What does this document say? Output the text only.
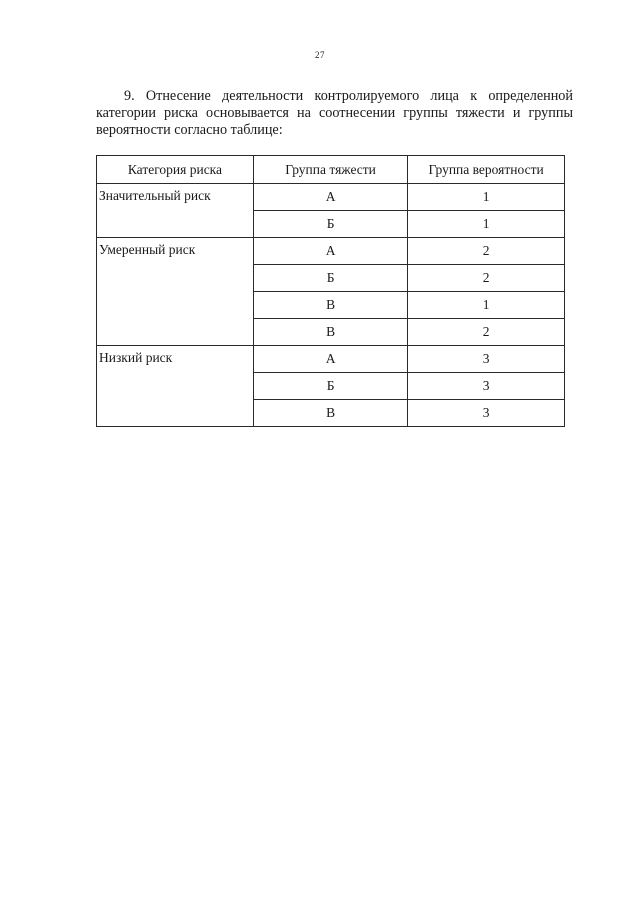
27

9. Отнесение деятельности контролируемого лица к определенной категории риска основывается на соотнесении группы тяжести и группы вероятности согласно таблице:

Категория риска	Группа тяжести	Группа вероятности
Значительный риск	А	1
	Б	1
Умеренный риск	А	2
	Б	2
	В	1
	В	2
Низкий риск	А	3
	Б	3
	В	3
